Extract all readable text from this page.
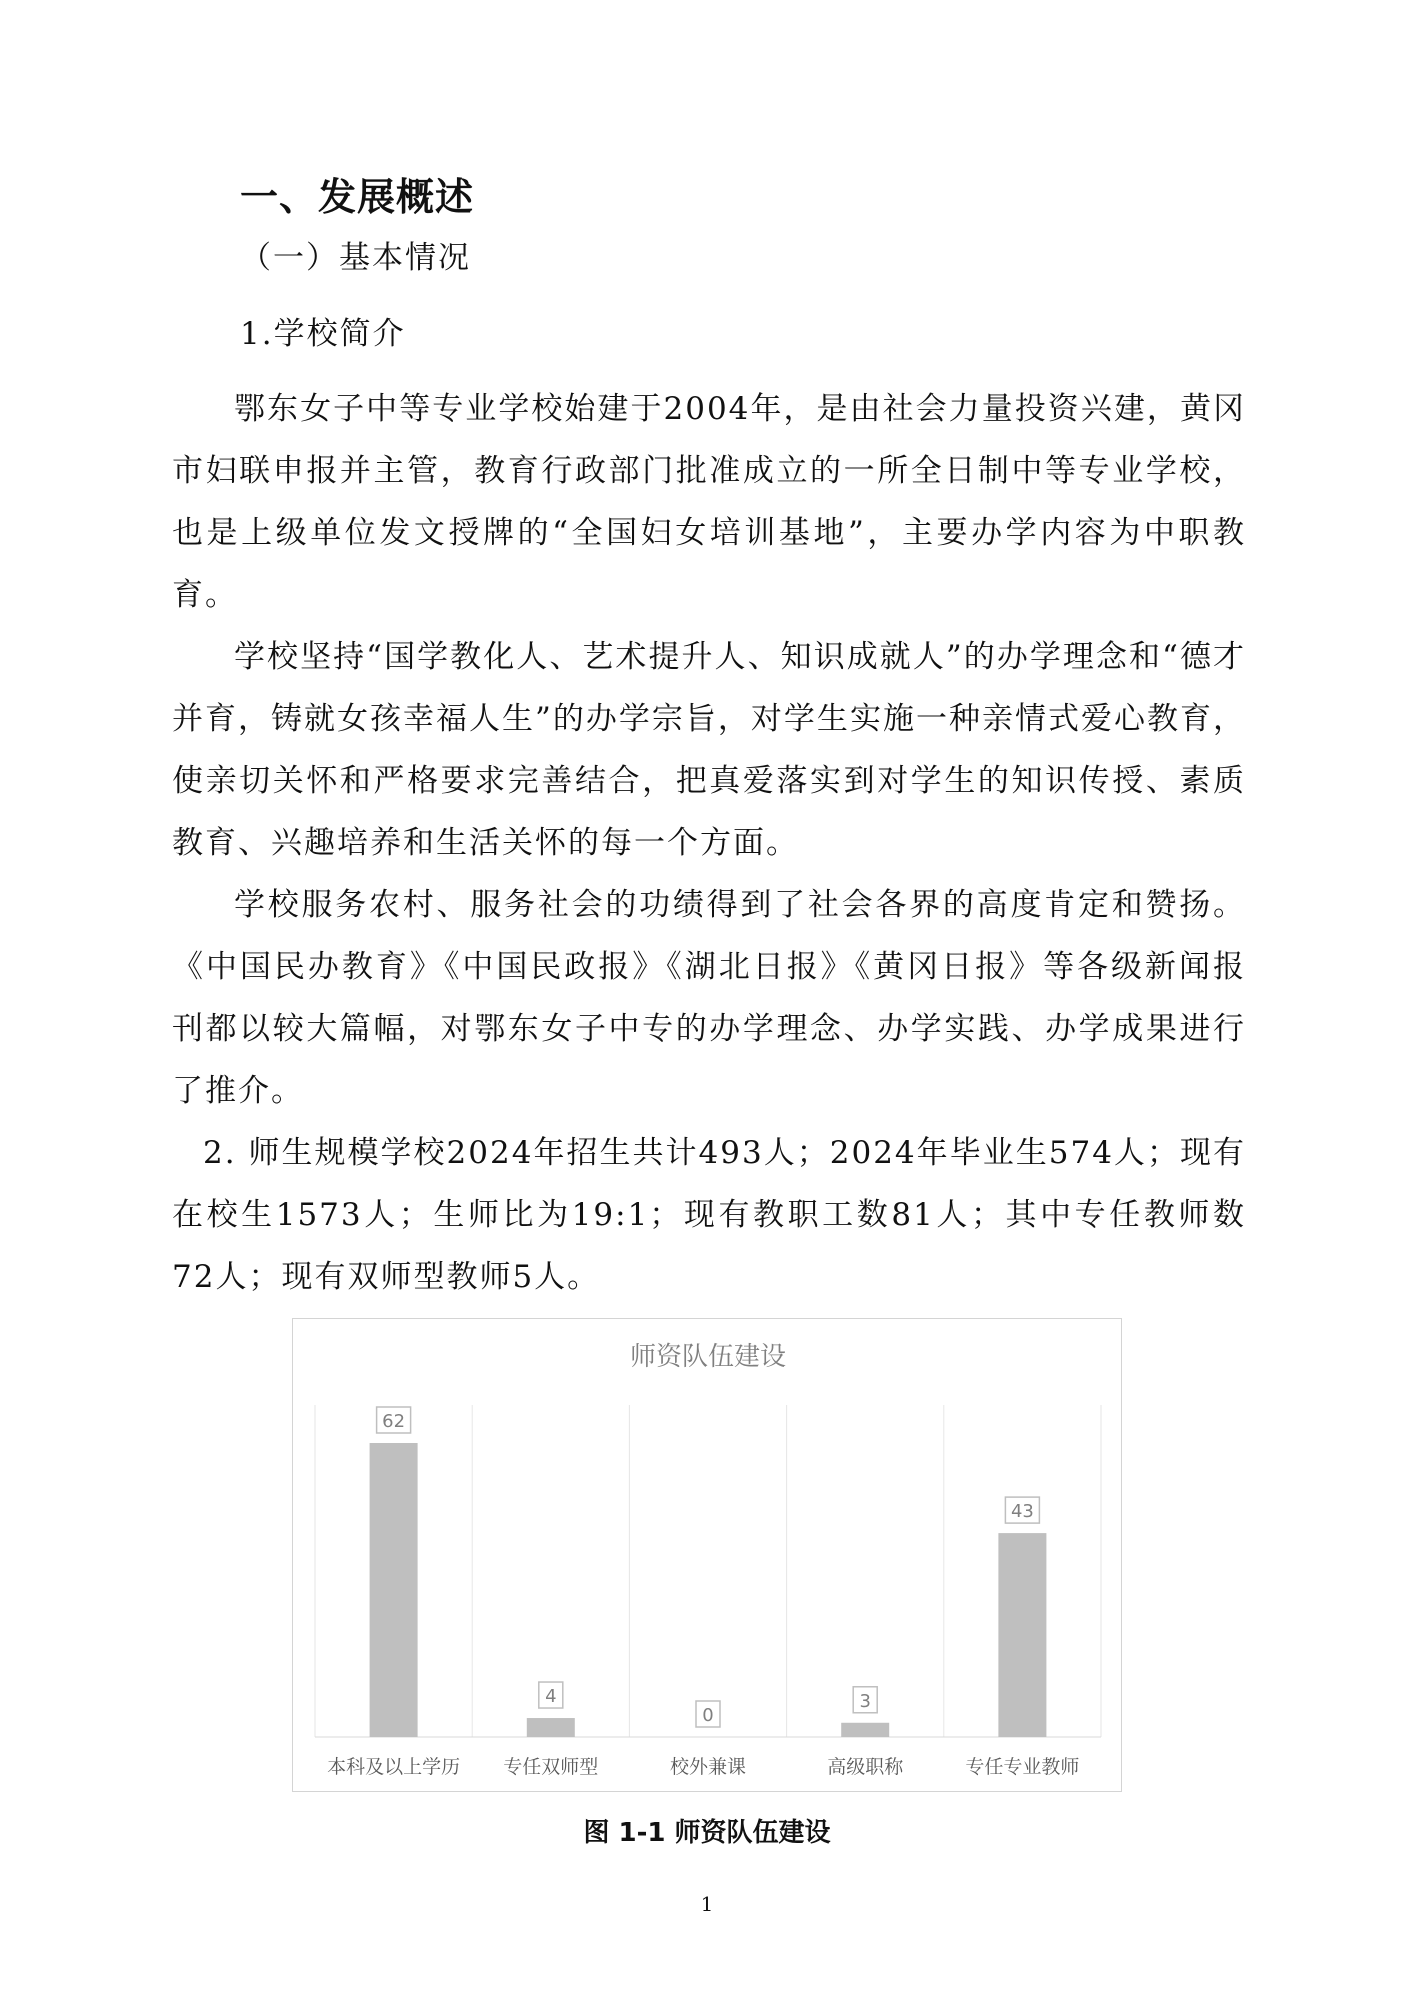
一、发展概述
（一）基本情况
1.学校简介

鄂东女子中等专业学校始建于2004年，是由社会力量投资兴建，黄冈市妇联申报并主管，教育行政部门批准成立的一所全日制中等专业学校，也是上级单位发文授牌的“全国妇女培训基地”，主要办学内容为中职教育。

学校坚持“国学教化人、艺术提升人、知识成就人”的办学理念和“德才并育，铸就女孩幸福人生”的办学宗旨，对学生实施一种亲情式爱心教育，使亲切关怀和严格要求完善结合，把真爱落实到对学生的知识传授、素质教育、兴趣培养和生活关怀的每一个方面。

学校服务农村、服务社会的功绩得到了社会各界的高度肯定和赞扬。《中国民办教育》《中国民政报》《湖北日报》《黄冈日报》等各级新闻报刊都以较大篇幅，对鄂东女子中专的办学理念、办学实践、办学成果进行了推介。

2. 师生规模学校2024年招生共计493人；2024年毕业生574人；现有在校生1573人；生师比为19:1；现有教职工数81人；其中专任教师数72人；现有双师型教师5人。

师资队伍建设
62
本科及以上学历
4
专任双师型
0
校外兼课
3
高级职称
43
专任专业教师
图 1-1 师资队伍建设
1
